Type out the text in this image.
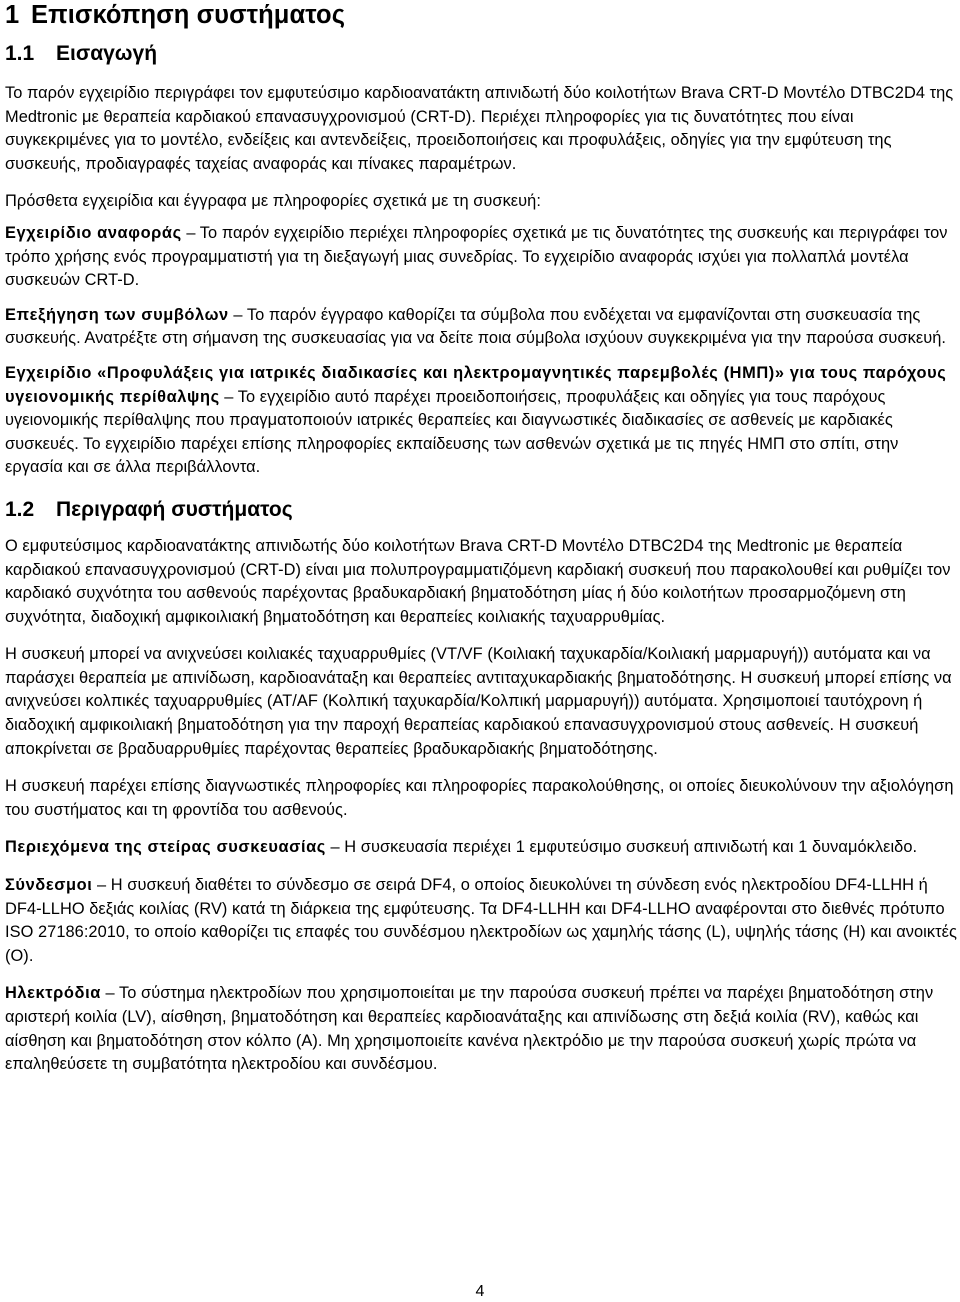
1 Επισκόπηση συστήματος
1.1 Εισαγωγή

Το παρόν εγχειρίδιο περιγράφει τον εμφυτεύσιμο καρδιοανατάκτη απινιδωτή δύο κοιλοτήτων Brava CRT-D Μοντέλο DTBC2D4 της Medtronic με θεραπεία καρδιακού επανασυγχρονισμού (CRT-D). Περιέχει πληροφορίες για τις δυνατότητες που είναι συγκεκριμένες για το μοντέλο, ενδείξεις και αντενδείξεις, προειδοποιήσεις και προφυλάξεις, οδηγίες για την εμφύτευση της συσκευής, προδιαγραφές ταχείας αναφοράς και πίνακες παραμέτρων.

Πρόσθετα εγχειρίδια και έγγραφα με πληροφορίες σχετικά με τη συσκευή:

Εγχειρίδιο αναφοράς – Το παρόν εγχειρίδιο περιέχει πληροφορίες σχετικά με τις δυνατότητες της συσκευής και περιγράφει τον τρόπο χρήσης ενός προγραμματιστή για τη διεξαγωγή μιας συνεδρίας. Το εγχειρίδιο αναφοράς ισχύει για πολλαπλά μοντέλα συσκευών CRT-D.

Επεξήγηση των συμβόλων – Το παρόν έγγραφο καθορίζει τα σύμβολα που ενδέχεται να εμφανίζονται στη συσκευασία της συσκευής. Ανατρέξτε στη σήμανση της συσκευασίας για να δείτε ποια σύμβολα ισχύουν συγκεκριμένα για την παρούσα συσκευή.

Εγχειρίδιο «Προφυλάξεις για ιατρικές διαδικασίες και ηλεκτρομαγνητικές παρεμβολές (ΗΜΠ)» για τους παρόχους υγειονομικής περίθαλψης – Το εγχειρίδιο αυτό παρέχει προειδοποιήσεις, προφυλάξεις και οδηγίες για τους παρόχους υγειονομικής περίθαλψης που πραγματοποιούν ιατρικές θεραπείες και διαγνωστικές διαδικασίες σε ασθενείς με καρδιακές συσκευές. Το εγχειρίδιο παρέχει επίσης πληροφορίες εκπαίδευσης των ασθενών σχετικά με τις πηγές ΗΜΠ στο σπίτι, στην εργασία και σε άλλα περιβάλλοντα.

1.2 Περιγραφή συστήματος

Ο εμφυτεύσιμος καρδιοανατάκτης απινιδωτής δύο κοιλοτήτων Brava CRT-D Μοντέλο DTBC2D4 της Medtronic με θεραπεία καρδιακού επανασυγχρονισμού (CRT-D) είναι μια πολυπρογραμματιζόμενη καρδιακή συσκευή που παρακολουθεί και ρυθμίζει τον καρδιακό συχνότητα του ασθενούς παρέχοντας βραδυκαρδιακή βηματοδότηση μίας ή δύο κοιλοτήτων προσαρμοζόμενη στη συχνότητα, διαδοχική αμφικοιλιακή βηματοδότηση και θεραπείες κοιλιακής ταχυαρρυθμίας.

Η συσκευή μπορεί να ανιχνεύσει κοιλιακές ταχυαρρυθμίες (VT/VF (Κοιλιακή ταχυκαρδία/Κοιλιακή μαρμαρυγή)) αυτόματα και να παράσχει θεραπεία με απινίδωση, καρδιοανάταξη και θεραπείες αντιταχυκαρδιακής βηματοδότησης. Η συσκευή μπορεί επίσης να ανιχνεύσει κολπικές ταχυαρρυθμίες (AT/AF (Κολπική ταχυκαρδία/Κολπική μαρμαρυγή)) αυτόματα. Χρησιμοποιεί ταυτόχρονη ή διαδοχική αμφικοιλιακή βηματοδότηση για την παροχή θεραπείας καρδιακού επανασυγχρονισμού στους ασθενείς. Η συσκευή αποκρίνεται σε βραδυαρρυθμίες παρέχοντας θεραπείες βραδυκαρδιακής βηματοδότησης.

Η συσκευή παρέχει επίσης διαγνωστικές πληροφορίες και πληροφορίες παρακολούθησης, οι οποίες διευκολύνουν την αξιολόγηση του συστήματος και τη φροντίδα του ασθενούς.

Περιεχόμενα της στείρας συσκευασίας – Η συσκευασία περιέχει 1 εμφυτεύσιμο συσκευή απινιδωτή και 1 δυναμόκλειδο.

Σύνδεσμοι – Η συσκευή διαθέτει το σύνδεσμο σε σειρά DF4, ο οποίος διευκολύνει τη σύνδεση ενός ηλεκτροδίου DF4-LLHH ή DF4-LLHO δεξιάς κοιλίας (RV) κατά τη διάρκεια της εμφύτευσης. Τα DF4-LLHH και DF4-LLHO αναφέρονται στο διεθνές πρότυπο ISO 27186:2010, το οποίο καθορίζει τις επαφές του συνδέσμου ηλεκτροδίων ως χαμηλής τάσης (L), υψηλής τάσης (H) και ανοικτές (O).

Ηλεκτρόδια – Το σύστημα ηλεκτροδίων που χρησιμοποιείται με την παρούσα συσκευή πρέπει να παρέχει βηματοδότηση στην αριστερή κοιλία (LV), αίσθηση, βηματοδότηση και θεραπείες καρδιοανάταξης και απινίδωσης στη δεξιά κοιλία (RV), καθώς και αίσθηση και βηματοδότηση στον κόλπο (A). Μη χρησιμοποιείτε κανένα ηλεκτρόδιο με την παρούσα συσκευή χωρίς πρώτα να επαληθεύσετε τη συμβατότητα ηλεκτροδίου και συνδέσμου.

4
